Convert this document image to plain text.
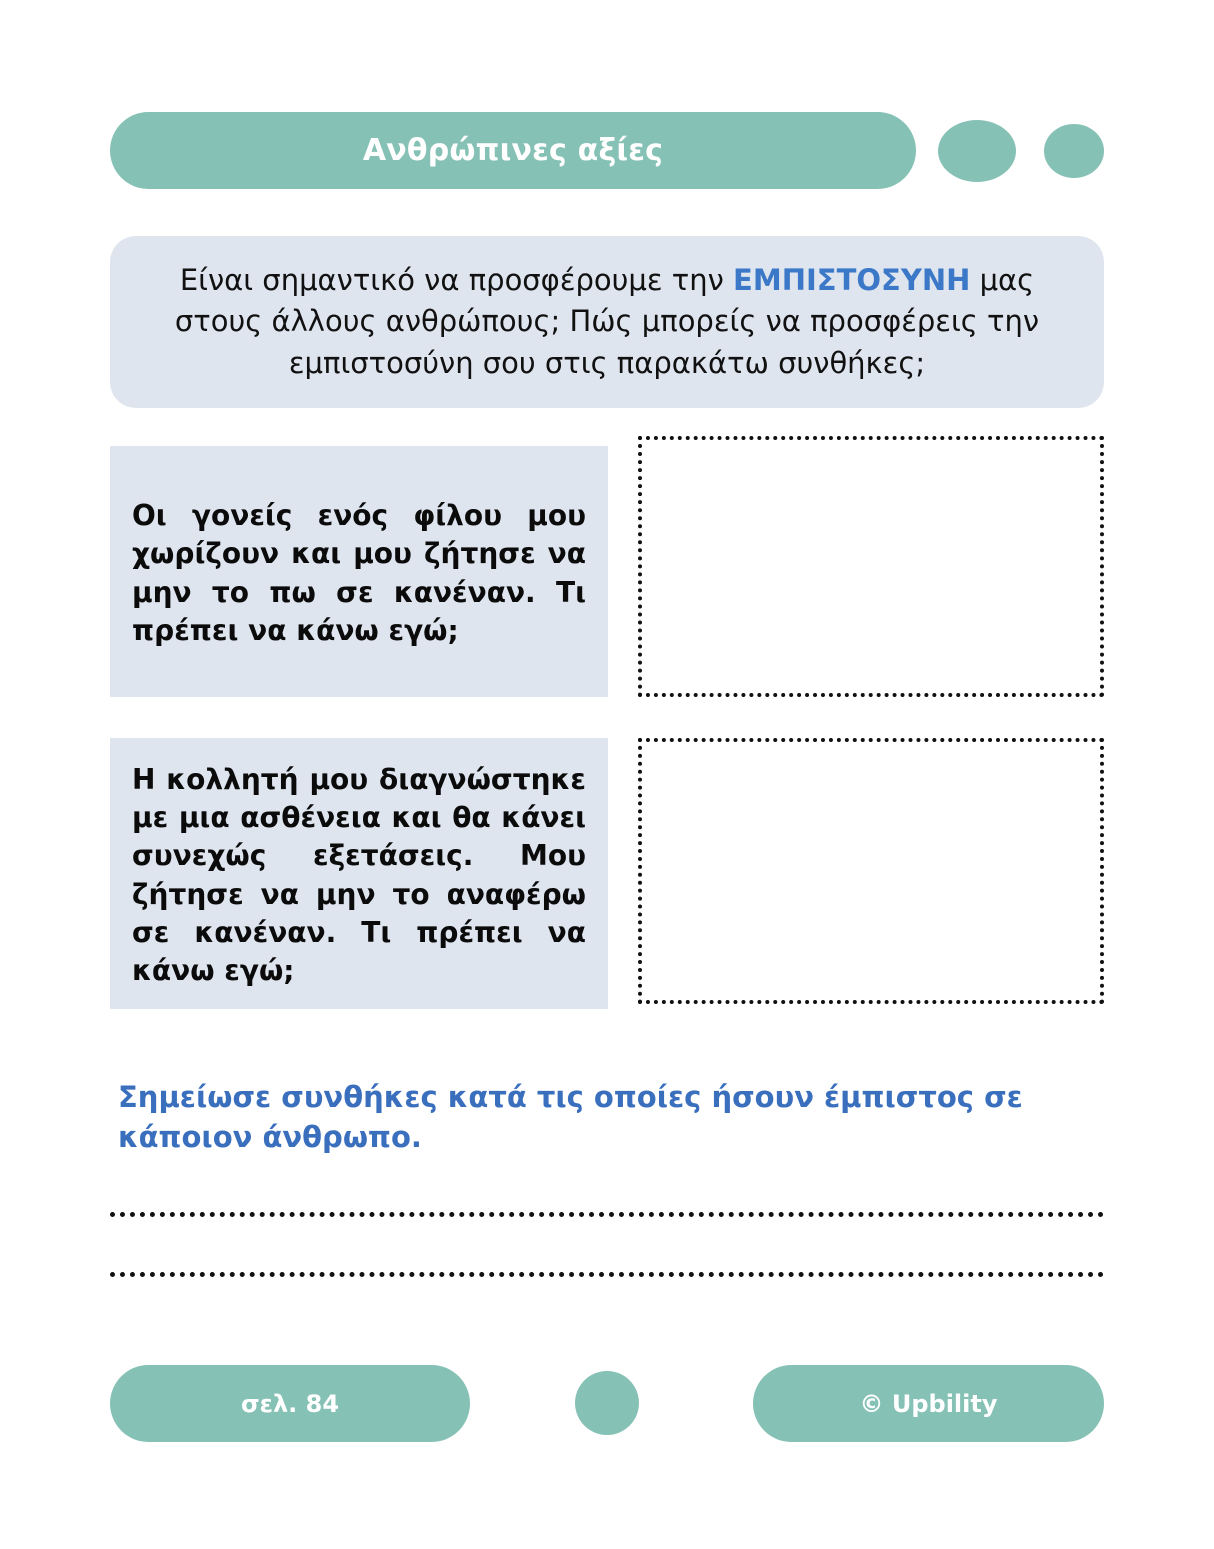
Ανθρώπινες αξίες

Είναι σημαντικό να προσφέρουμε την ΕΜΠΙΣΤΟΣΥΝΗ μας στους άλλους ανθρώπους; Πώς μπορείς να προσφέρεις την εμπιστοσύνη σου στις παρακάτω συνθήκες;

Οι γονείς ενός φίλου μου χωρίζουν και μου ζήτησε να μην το πω σε κανέναν. Τι πρέπει να κάνω εγώ;

Η κολλητή μου διαγνώστηκε με μια ασθένεια και θα κάνει συνεχώς εξετάσεις. Μου ζήτησε να μην το αναφέρω σε κανέναν. Τι πρέπει να κάνω εγώ;

Σημείωσε συνθήκες κατά τις οποίες ήσουν έμπιστος σε κάποιον άνθρωπο.

σελ. 84	© Upbility
